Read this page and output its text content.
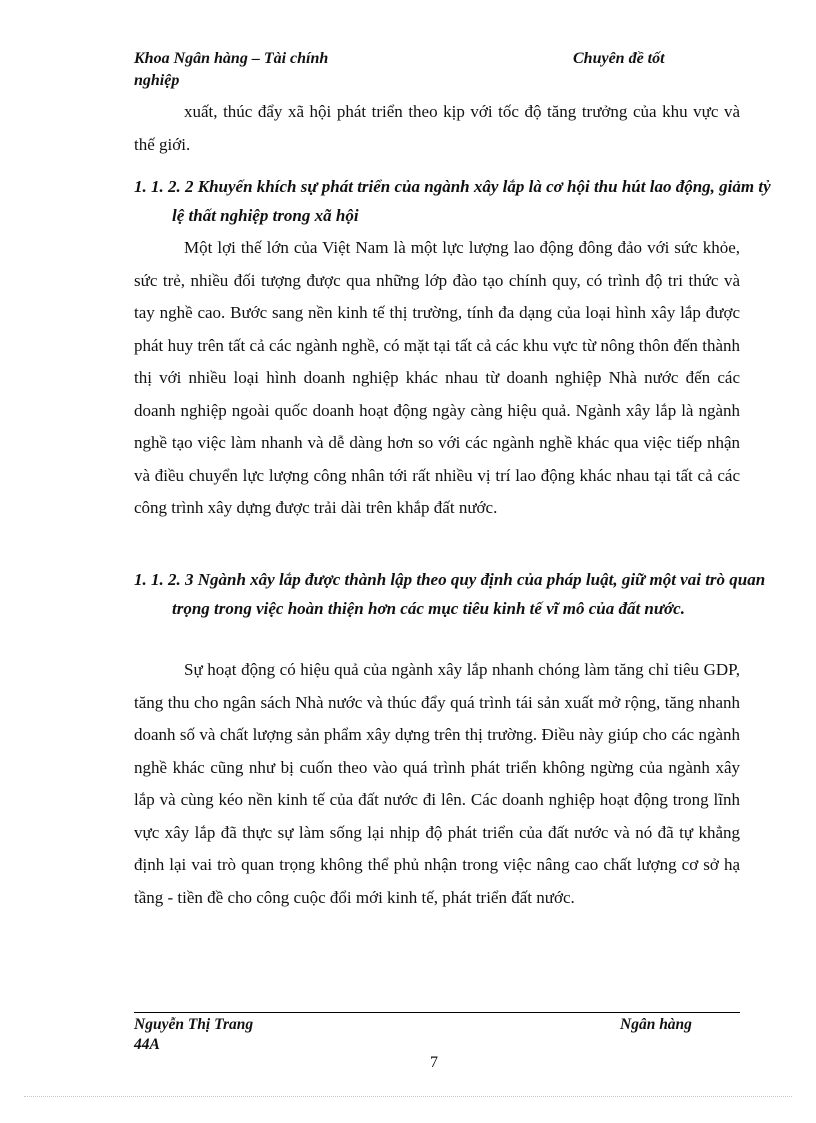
Khoa Ngân hàng – Tài chính	Chuyên đề tốt
nghiệp

xuất, thúc đẩy xã hội phát triển theo kịp với tốc độ tăng trưởng của khu vực và thế giới.

1. 1. 2. 2 Khuyến khích sự phát triển của ngành xây lắp là cơ hội thu hút lao động, giảm tỷ lệ thất nghiệp trong xã hội

Một lợi thế lớn của Việt Nam là một lực lượng lao động đông đảo với sức khỏe, sức trẻ, nhiều đối tượng được qua những lớp đào tạo chính quy, có trình độ tri thức và tay nghề cao. Bước sang nền kinh tế thị trường, tính đa dạng của loại hình xây lắp được phát huy trên tất cả các ngành nghề, có mặt tại tất cả các khu vực từ nông thôn đến thành thị với nhiều loại hình doanh nghiệp khác nhau từ doanh nghiệp Nhà nước đến các doanh nghiệp ngoài quốc doanh hoạt động ngày càng hiệu quả. Ngành xây lắp là ngành nghề tạo việc làm nhanh và dễ dàng hơn so với các ngành nghề khác qua việc tiếp nhận và điều chuyển lực lượng công nhân tới rất nhiều vị trí lao động khác nhau tại tất cả các công trình xây dựng được trải dài trên khắp đất nước.

1. 1. 2. 3 Ngành xây lắp được thành lập theo quy định của pháp luật, giữ một vai trò quan trọng trong việc hoàn thiện hơn các mục tiêu kinh tế vĩ mô của đất nước.

Sự hoạt động có hiệu quả của ngành xây lắp nhanh chóng làm tăng chỉ tiêu GDP, tăng thu cho ngân sách Nhà nước và thúc đẩy quá trình tái sản xuất mở rộng, tăng nhanh doanh số và chất lượng sản phẩm xây dựng trên thị trường. Điều này giúp cho các ngành nghề khác cũng như bị cuốn theo vào quá trình phát triển không ngừng của ngành xây lắp và cùng kéo nền kinh tế của đất nước đi lên. Các doanh nghiệp hoạt động trong lĩnh vực xây lắp đã thực sự làm sống lại nhịp độ phát triển của đất nước và nó đã tự khẳng định lại vai trò quan trọng không thể phủ nhận trong việc nâng cao chất lượng cơ sở hạ tầng - tiền đề cho công cuộc đổi mới kinh tế, phát triển đất nước.

Nguyễn Thị Trang	Ngân hàng
44A
7
